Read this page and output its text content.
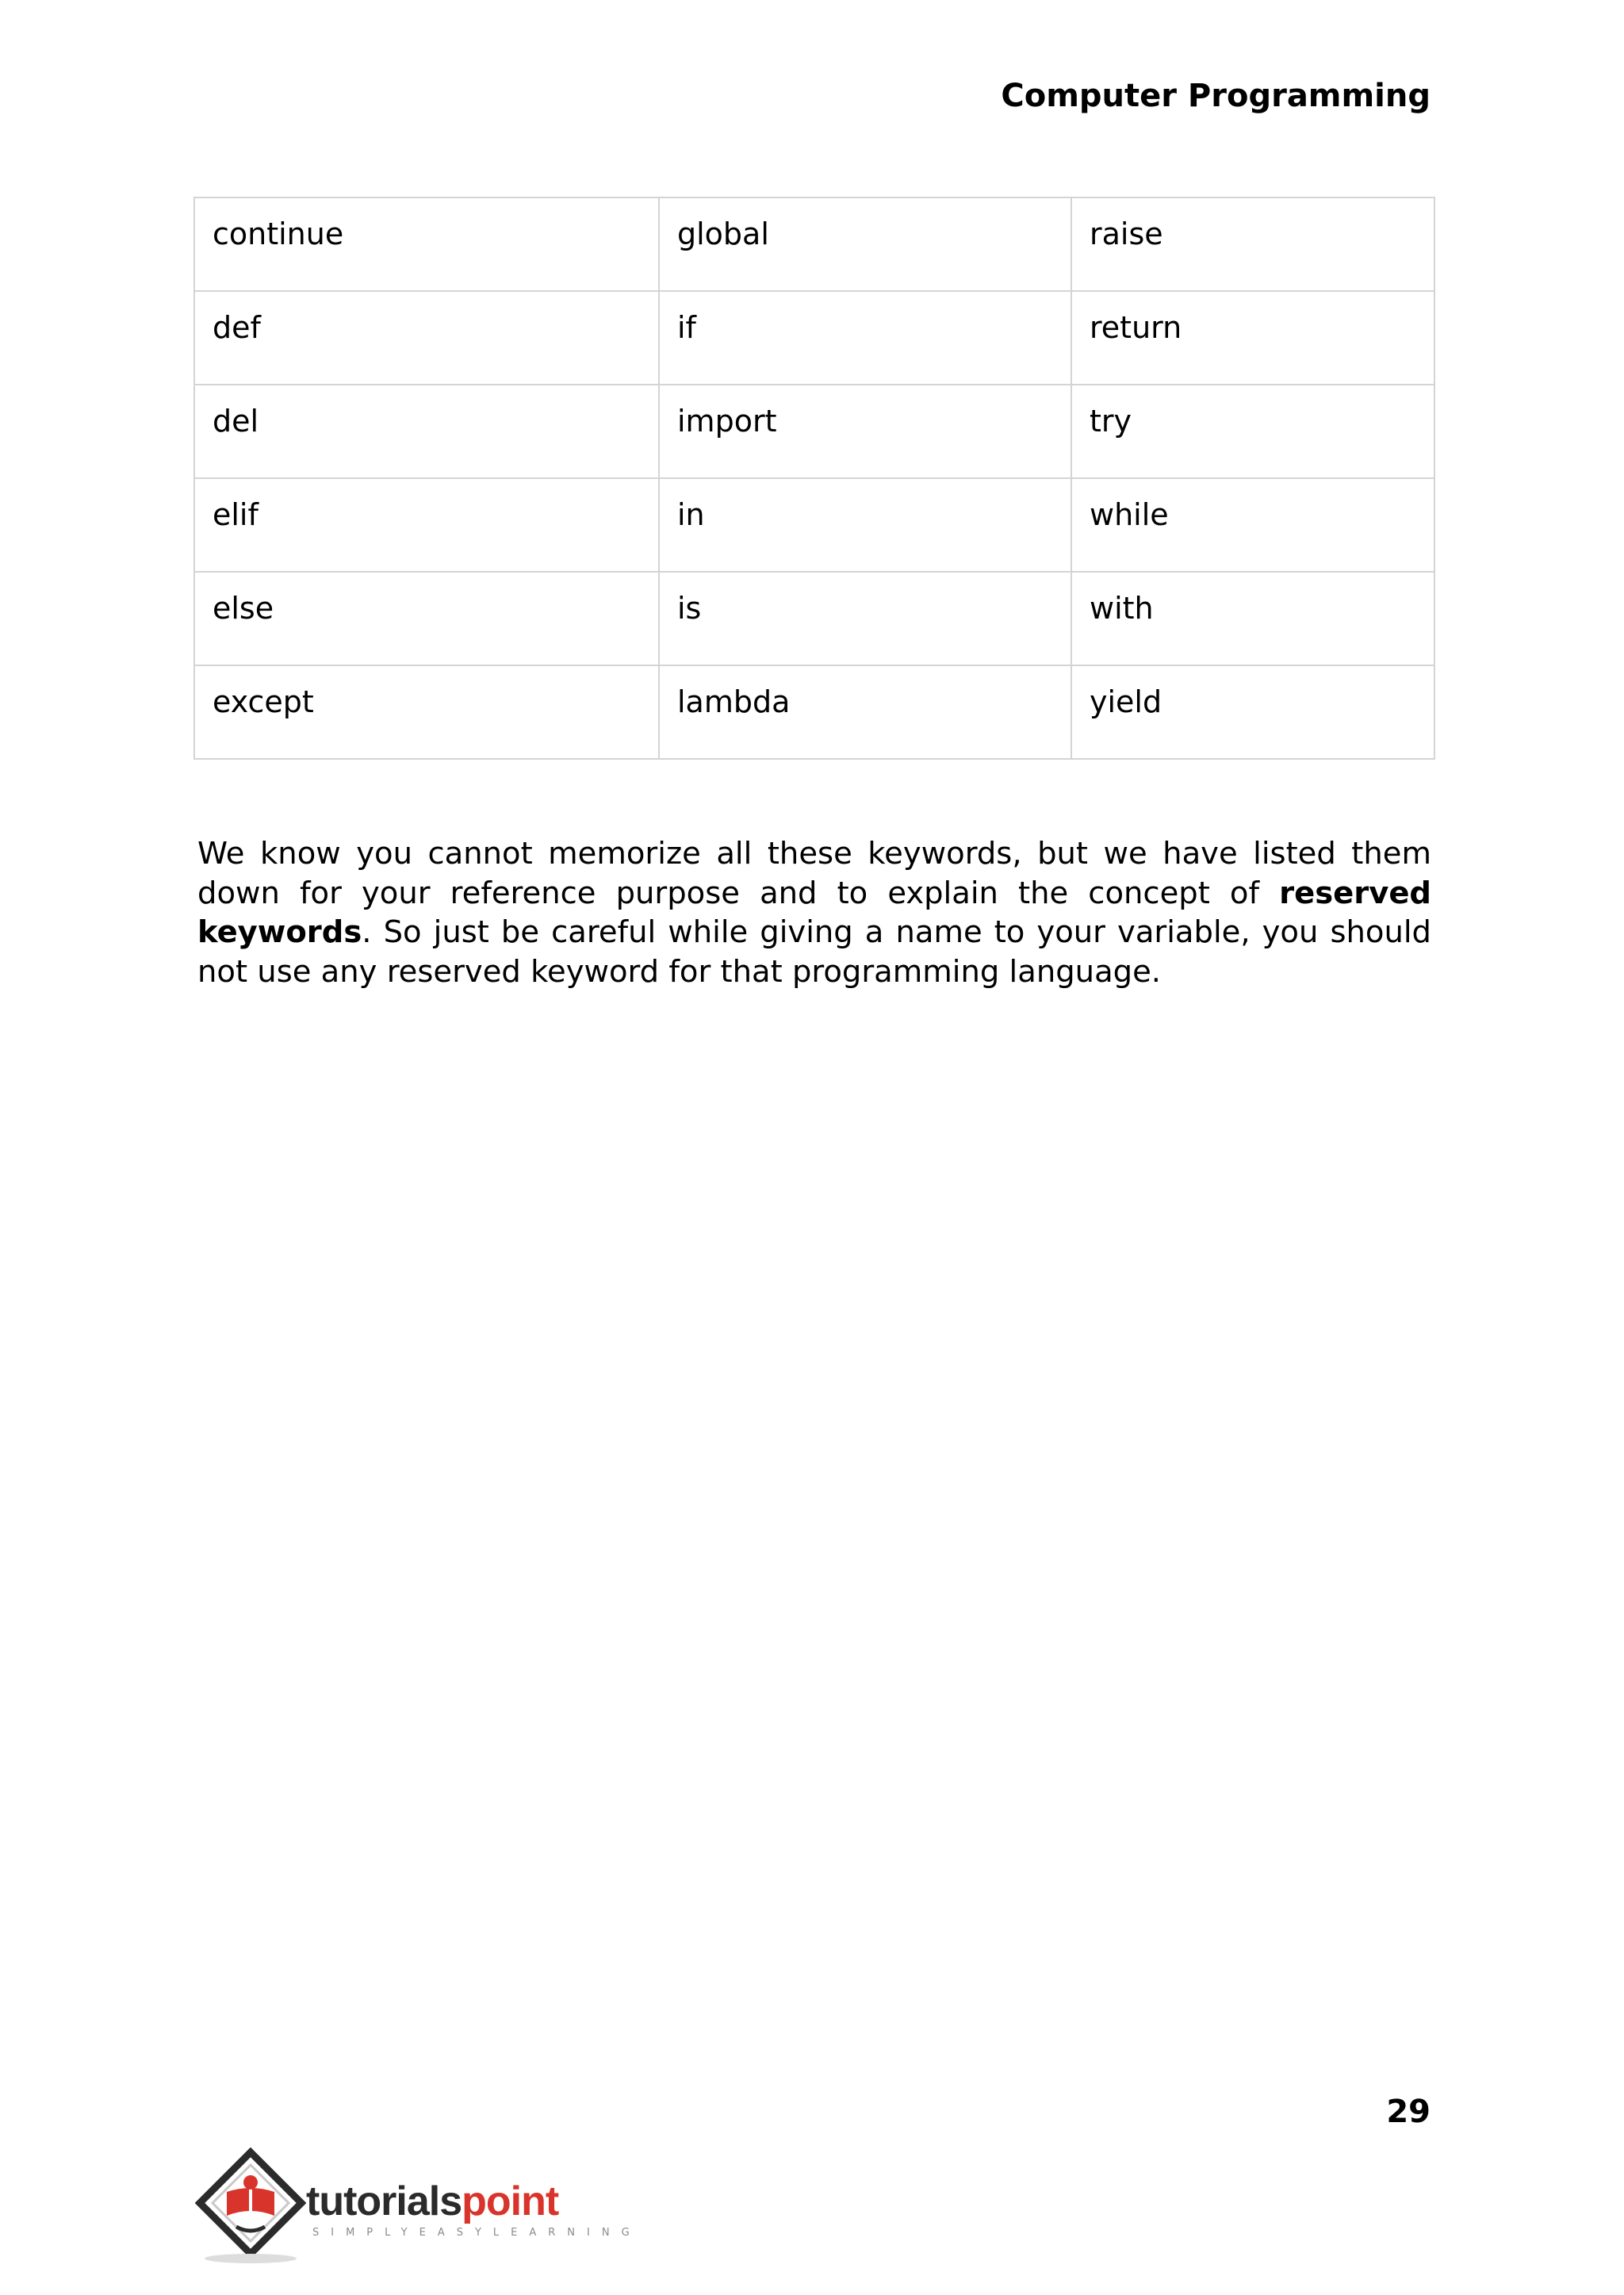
Computer Programming
continue	global	raise
def	if	return
del	import	try
elif	in	while
else	is	with
except	lambda	yield

We know you cannot memorize all these keywords, but we have listed them down for your reference purpose and to explain the concept of reserved keywords. So just be careful while giving a name to your variable, you should not use any reserved keyword for that programming language.

29
tutorialspoint
SIMPLYEASYLEARNING
